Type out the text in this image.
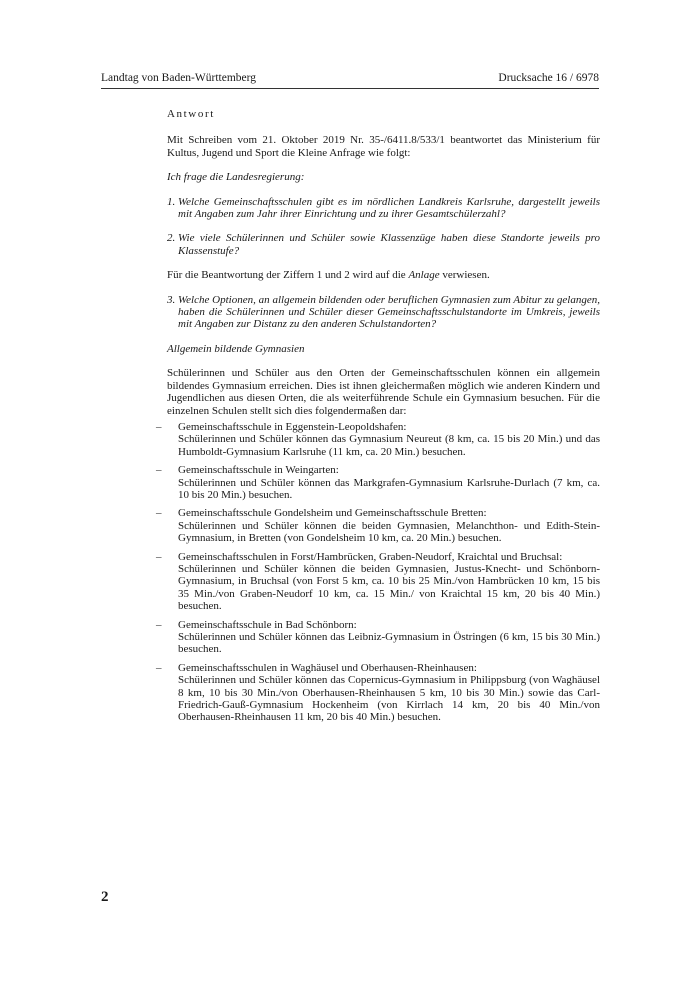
Landtag von Baden-Württemberg	Drucksache 16 / 6978

Antwort

Mit Schreiben vom 21. Oktober 2019 Nr. 35-/6411.8/533/1 beantwortet das Ministerium für Kultus, Jugend und Sport die Kleine Anfrage wie folgt:

Ich frage die Landesregierung:

1. Welche Gemeinschaftsschulen gibt es im nördlichen Landkreis Karlsruhe, dargestellt jeweils mit Angaben zum Jahr ihrer Einrichtung und zu ihrer Gesamtschülerzahl?
2. Wie viele Schülerinnen und Schüler sowie Klassenzüge haben diese Standorte jeweils pro Klassenstufe?

Für die Beantwortung der Ziffern 1 und 2 wird auf die Anlage verwiesen.

3. Welche Optionen, an allgemein bildenden oder beruflichen Gymnasien zum Abitur zu gelangen, haben die Schülerinnen und Schüler dieser Gemeinschaftsschulstandorte im Umkreis, jeweils mit Angaben zur Distanz zu den anderen Schulstandorten?

Allgemein bildende Gymnasien

Schülerinnen und Schüler aus den Orten der Gemeinschaftsschulen können ein allgemein bildendes Gymnasium erreichen. Dies ist ihnen gleichermaßen möglich wie anderen Kindern und Jugendlichen aus diesen Orten, die als weiterführende Schule ein Gymnasium besuchen. Für die einzelnen Schulen stellt sich dies folgendermaßen dar:

– Gemeinschaftsschule in Eggenstein-Leopoldshafen:
Schülerinnen und Schüler können das Gymnasium Neureut (8 km, ca. 15 bis 20 Min.) und das Humboldt-Gymnasium Karlsruhe (11 km, ca. 20 Min.) besuchen.
– Gemeinschaftsschule in Weingarten:
Schülerinnen und Schüler können das Markgrafen-Gymnasium Karlsruhe-Durlach (7 km, ca. 10 bis 20 Min.) besuchen.
– Gemeinschaftsschule Gondelsheim und Gemeinschaftsschule Bretten:
Schülerinnen und Schüler können die beiden Gymnasien, Melanchthon- und Edith-Stein-Gymnasium, in Bretten (von Gondelsheim 10 km, ca. 20 Min.) besuchen.
– Gemeinschaftsschulen in Forst/Hambrücken, Graben-Neudorf, Kraichtal und Bruchsal:
Schülerinnen und Schüler können die beiden Gymnasien, Justus-Knecht- und Schönborn-Gymnasium, in Bruchsal (von Forst 5 km, ca. 10 bis 25 Min./von Hambrücken 10 km, 15 bis 35 Min./von Graben-Neudorf 10 km, ca. 15 Min./ von Kraichtal 15 km, 20 bis 40 Min.) besuchen.
– Gemeinschaftsschule in Bad Schönborn:
Schülerinnen und Schüler können das Leibniz-Gymnasium in Östringen (6 km, 15 bis 30 Min.) besuchen.
– Gemeinschaftsschulen in Waghäusel und Oberhausen-Rheinhausen:
Schülerinnen und Schüler können das Copernicus-Gymnasium in Philippsburg (von Waghäusel 8 km, 10 bis 30 Min./von Oberhausen-Rheinhausen 5 km, 10 bis 30 Min.) sowie das Carl-Friedrich-Gauß-Gymnasium Hockenheim (von Kirrlach 14 km, 20 bis 40 Min./von Oberhausen-Rheinhausen 11 km, 20 bis 40 Min.) besuchen.
2
